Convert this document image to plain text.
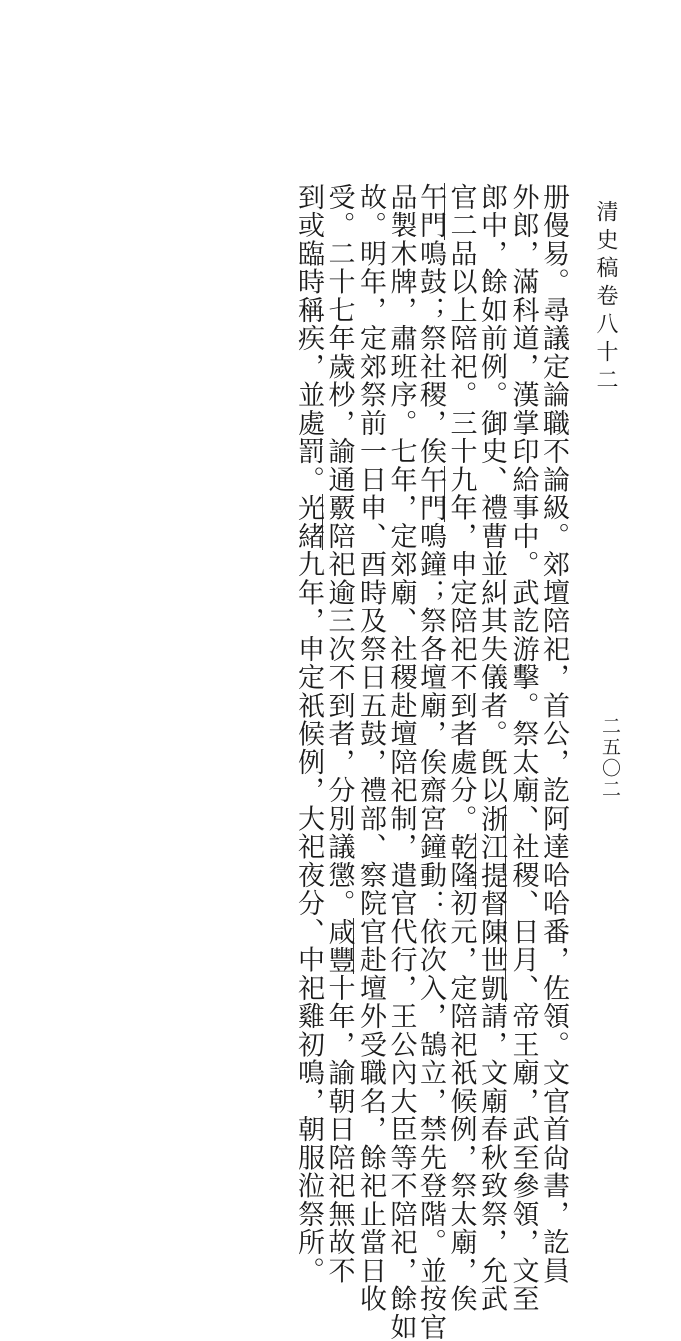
清史稿卷八十二
二五〇二
册僈易。尋議定論職不論級。郊壇陪祀，首公，訖阿達哈哈番，佐領。文官首尙書，訖員
外郎，滿科道，漢掌印給事中。武訖游擊。祭太廟、社稷、日月、帝王廟，武至參領，文至
郎中，餘如前例。御史、禮曹並糾其失儀者。旣以浙江提督陳世凱請，文廟春秋致祭，允武
官二品以上陪祀。三十九年，申定陪祀不到者處分。乾隆初元，定陪祀祇候例，祭太廟，俟
午門鳴鼓；祭社稷，俟午門鳴鐘；祭各壇廟，俟齋宮鐘動：依次入，鵠立，禁先登階。並按官
品製木牌，肅班序。七年，定郊廟、社稷赴壇陪祀制，遣官代行，王公內大臣等不陪祀，餘如
故。明年，定郊祭前一日申、酉時及祭日五鼓，禮部、察院官赴壇外受職名，餘祀止當日收
受。二十七年歲杪，諭通覈陪祀逾三次不到者，分別議懲。咸豐十年，諭朝日陪祀無故不
到或臨時稱疾，並處罰。光緒九年，申定祇候例，大祀夜分、中祀雞初鳴，朝服涖祭所。
